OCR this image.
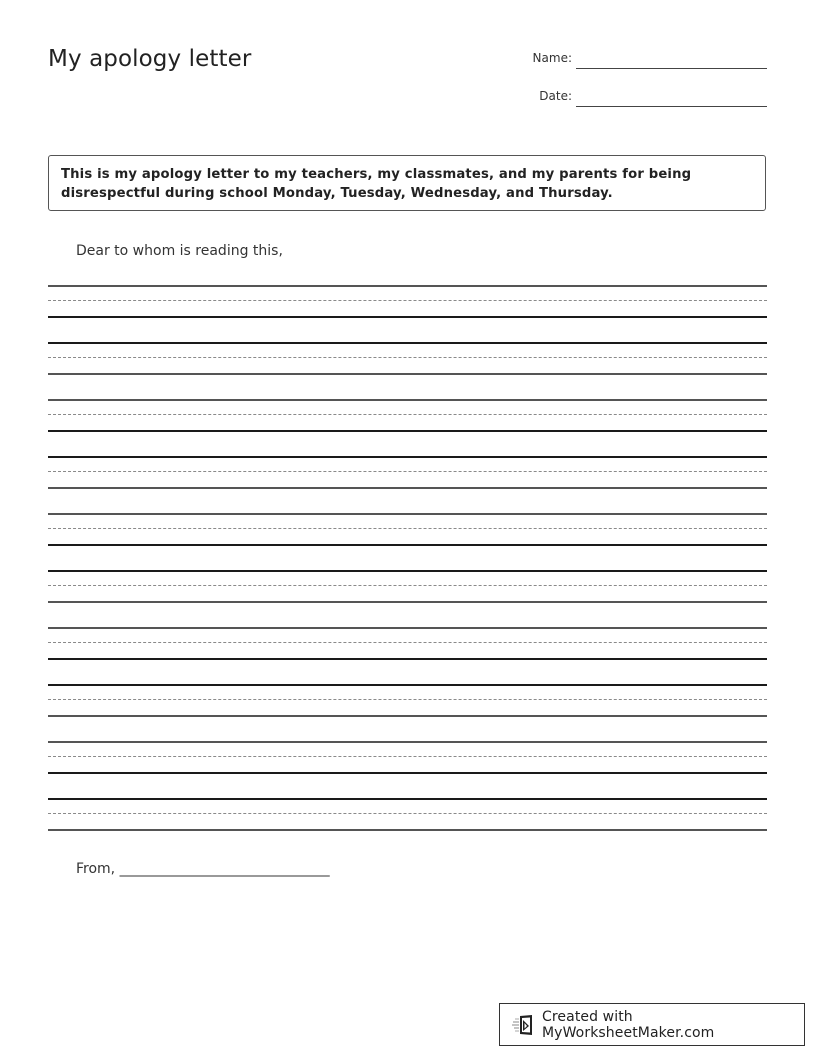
My apology letter	Name:
Date:
This is my apology letter to my teachers, my classmates, and my parents for being disrespectful during school Monday, Tuesday, Wednesday, and Thursday.
Dear to whom is reading this,
From, ______________________________
Created with MyWorksheetMaker.com
